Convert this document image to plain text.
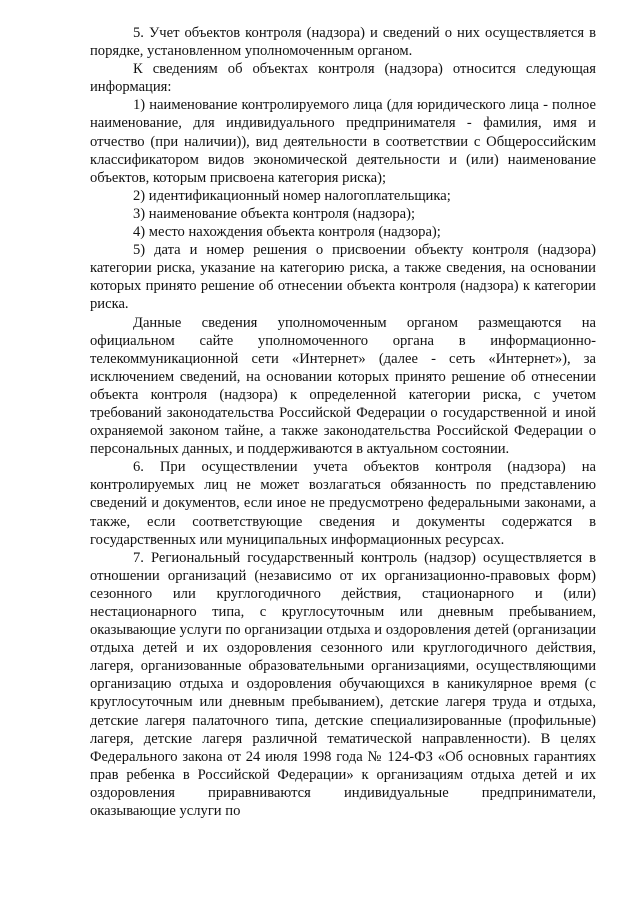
5. Учет объектов контроля (надзора) и сведений о них осуществляется в порядке, установленном уполномоченным органом.

К сведениям об объектах контроля (надзора) относится следующая информация:

1) наименование контролируемого лица (для юридического лица - полное наименование, для индивидуального предпринимателя - фамилия, имя и отчество (при наличии)), вид деятельности в соответствии с Общероссийским классификатором видов экономической деятельности и (или) наименование объектов, которым присвоена категория риска);

2) идентификационный номер налогоплательщика;

3) наименование объекта контроля (надзора);

4) место нахождения объекта контроля (надзора);

5) дата и номер решения о присвоении объекту контроля (надзора) категории риска, указание на категорию риска, а также сведения, на основании которых принято решение об отнесении объекта контроля (надзора) к категории риска.

Данные сведения уполномоченным органом размещаются на официальном сайте уполномоченного органа в информационно-телекоммуникационной сети «Интернет» (далее - сеть «Интернет»), за исключением сведений, на основании которых принято решение об отнесении объекта контроля (надзора) к определенной категории риска, с учетом требований законодательства Российской Федерации о государственной и иной охраняемой законом тайне, а также законодательства Российской Федерации о персональных данных, и поддерживаются в актуальном состоянии.

6. При осуществлении учета объектов контроля (надзора) на контролируемых лиц не может возлагаться обязанность по представлению сведений и документов, если иное не предусмотрено федеральными законами, а также, если соответствующие сведения и документы содержатся в государственных или муниципальных информационных ресурсах.

7. Региональный государственный контроль (надзор) осуществляется в отношении организаций (независимо от их организационно-правовых форм) сезонного или круглогодичного действия, стационарного и (или) нестационарного типа, с круглосуточным или дневным пребыванием, оказывающие услуги по организации отдыха и оздоровления детей (организации отдыха детей и их оздоровления сезонного или круглогодичного действия, лагеря, организованные образовательными организациями, осуществляющими организацию отдыха и оздоровления обучающихся в каникулярное время (с круглосуточным или дневным пребыванием), детские лагеря труда и отдыха, детские лагеря палаточного типа, детские специализированные (профильные) лагеря, детские лагеря различной тематической направленности). В целях Федерального закона от 24 июля 1998 года № 124-ФЗ «Об основных гарантиях прав ребенка в Российской Федерации» к организациям отдыха детей и их оздоровления приравниваются индивидуальные предприниматели, оказывающие услуги по
